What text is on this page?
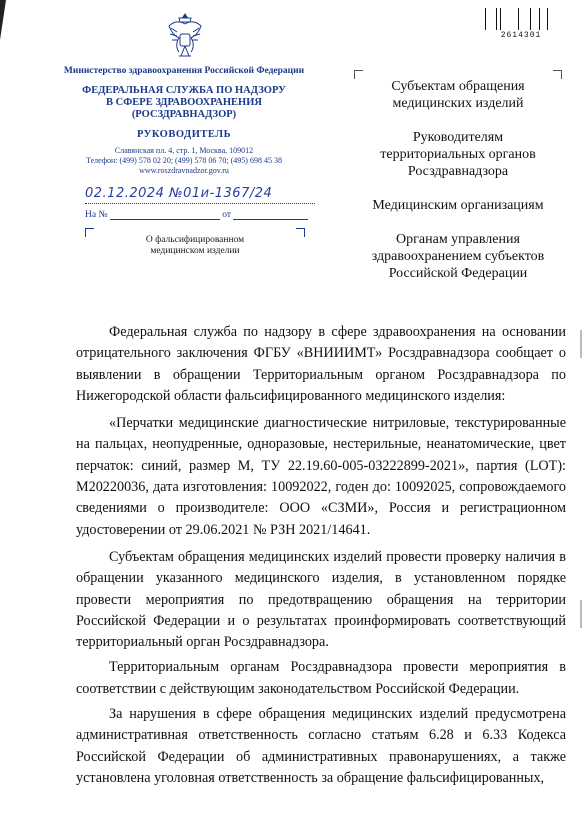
2614301
Министерство здравоохранения Российской Федерации
ФЕДЕРАЛЬНАЯ СЛУЖБА ПО НАДЗОРУ
В СФЕРЕ ЗДРАВООХРАНЕНИЯ
(РОСЗДРАВНАДЗОР)
РУКОВОДИТЕЛЬ
Славянская пл. 4, стр. 1, Москва, 109012
Телефон: (499) 578 02 20; (499) 578 06 70; (495) 698 45 38
www.roszdravnadzor.gov.ru
02.12.2024 №01и-1367/24
На №	от
О фальсифицированном
медицинском изделии
Субъектам обращения медицинских изделий
Руководителям территориальных органов Росздравнадзора
Медицинским организациям
Органам управления здравоохранением субъектов Российской Федерации

Федеральная служба по надзору в сфере здравоохранения на основании отрицательного заключения ФГБУ «ВНИИИМТ» Росздравнадзора сообщает о выявлении в обращении Территориальным органом Росздравнадзора по Нижегородской области фальсифицированного медицинского изделия:

«Перчатки медицинские диагностические нитриловые, текстурированные на пальцах, неопудренные, одноразовые, нестерильные, неанатомические, цвет перчаток: синий, размер М, ТУ 22.19.60-005-03222899-2021», партия (LOT): M20220036, дата изготовления: 10092022, годен до: 10092025, сопровождаемого сведениями о производителе: ООО «СЗМИ», Россия и регистрационном удостоверении от 29.06.2021 № РЗН 2021/14641.

Субъектам обращения медицинских изделий провести проверку наличия в обращении указанного медицинского изделия, в установленном порядке провести мероприятия по предотвращению обращения на территории Российской Федерации и о результатах проинформировать соответствующий территориальный орган Росздравнадзора.

Территориальным органам Росздравнадзора провести мероприятия в соответствии с действующим законодательством Российской Федерации.

За нарушения в сфере обращения медицинских изделий предусмотрена административная ответственность согласно статьям 6.28 и 6.33 Кодекса Российской Федерации об административных правонарушениях, а также установлена уголовная ответственность за обращение фальсифицированных,
